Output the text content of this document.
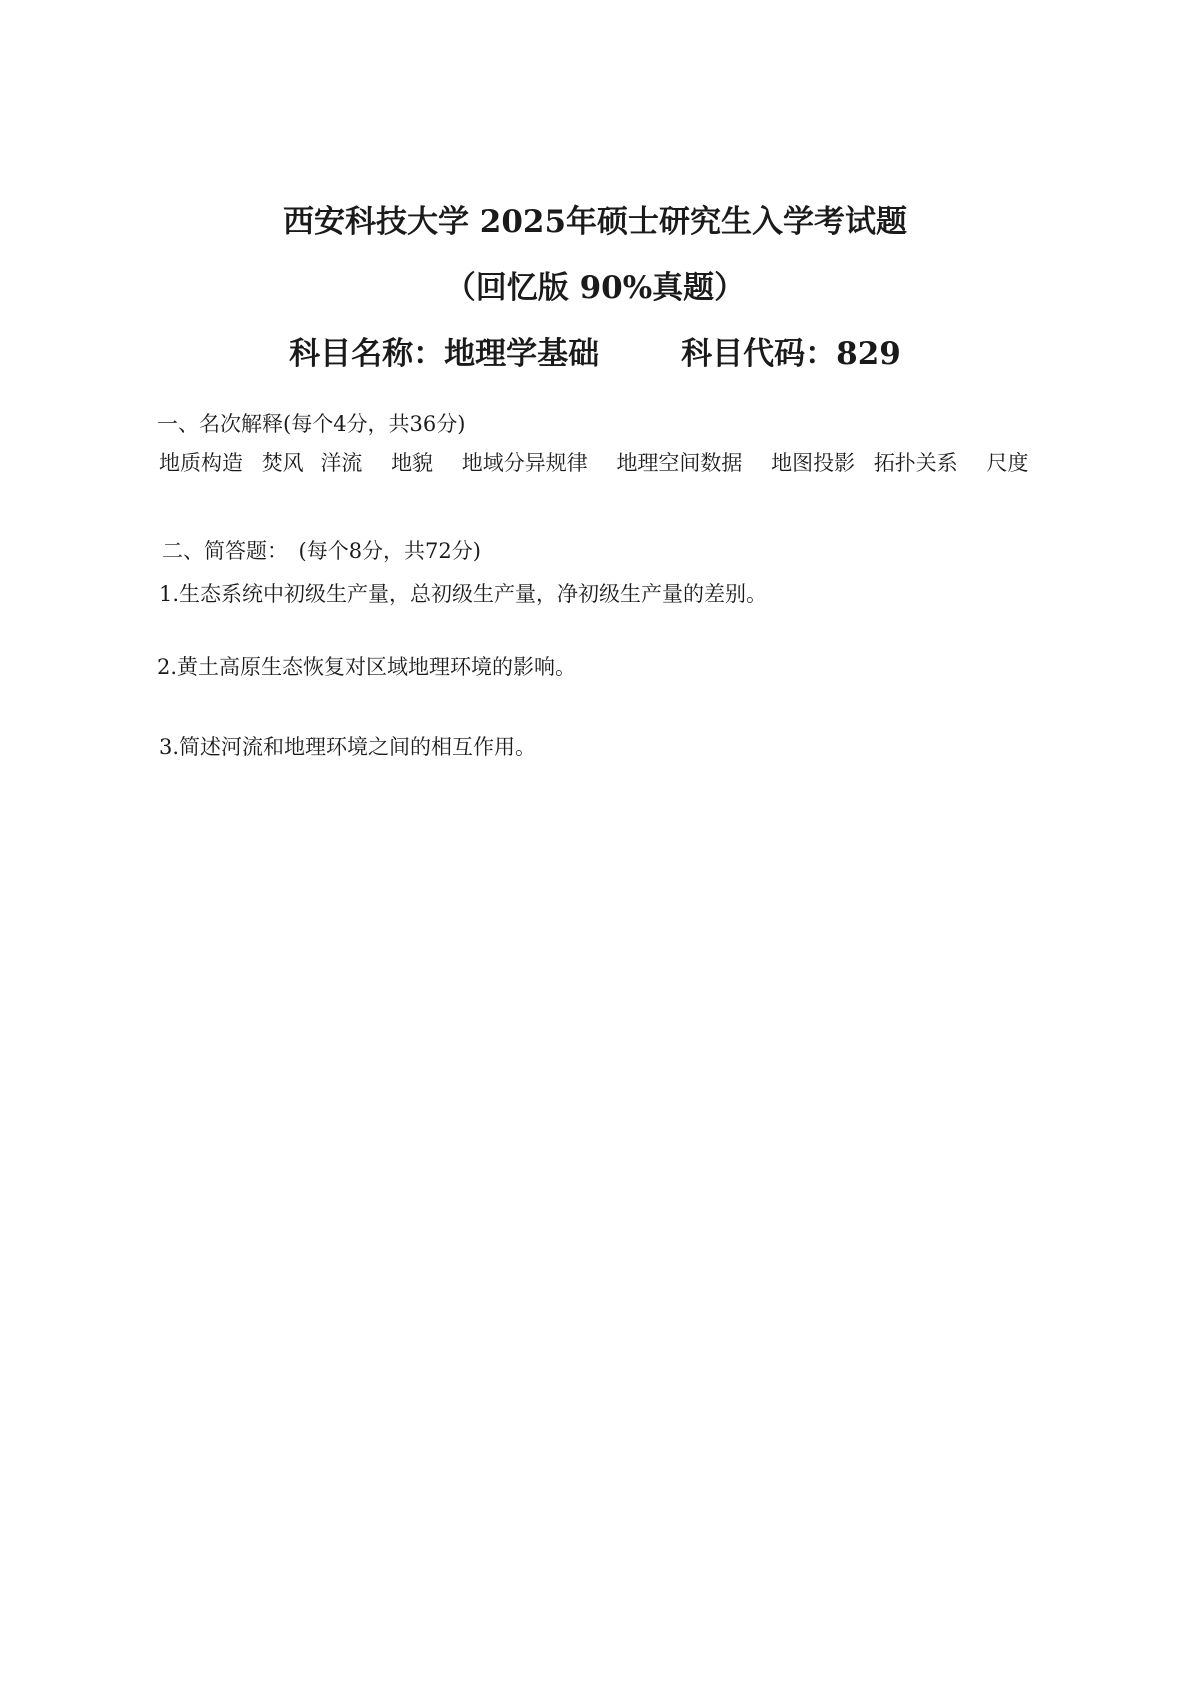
西安科技大学 2025年硕士研究生入学考试题
（回忆版 90%真题）
科目名称：地理学基础	科目代码：829
一、名次解释(每个4分，共36分)
地质构造 焚风 洋流 地貌 地域分异规律 地理空间数据 地图投影 拓扑关系 尺度
二、简答题：　(每个8分，共72分)
1.生态系统中初级生产量，总初级生产量，净初级生产量的差别。
2.黄土高原生态恢复对区域地理环境的影响。
3.简述河流和地理环境之间的相互作用。
